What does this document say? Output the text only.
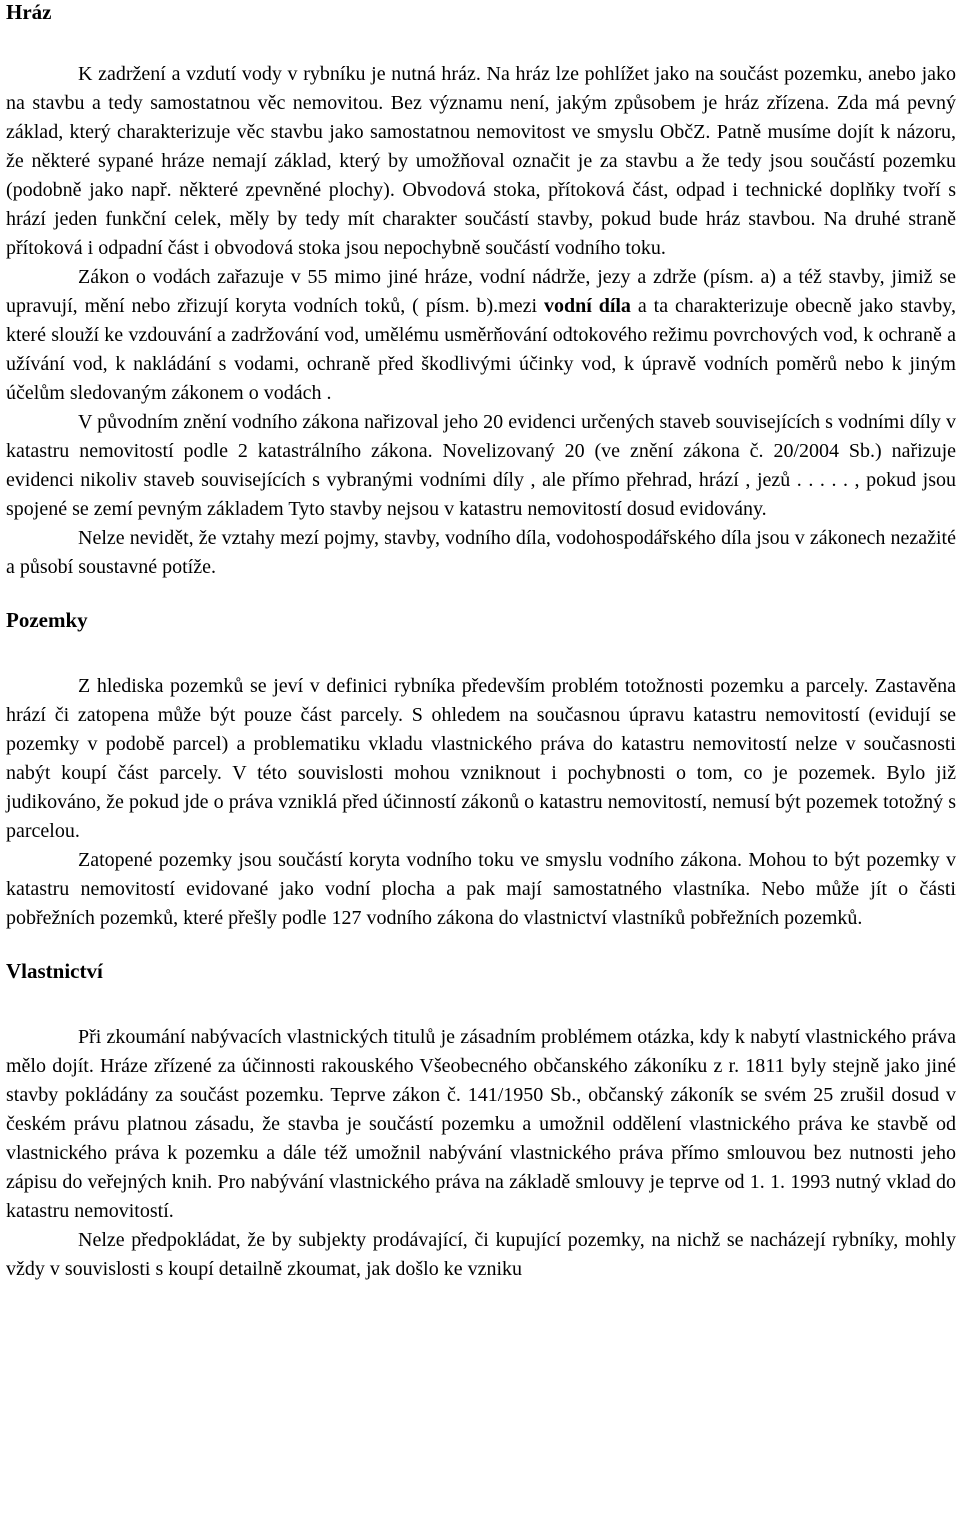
Hráz

K zadržení a vzdutí vody v rybníku je nutná hráz. Na hráz lze pohlížet jako na součást pozemku, anebo jako na stavbu a tedy samostatnou věc nemovitou. Bez významu není, jakým způsobem je hráz zřízena. Zda má pevný základ, který charakterizuje věc stavbu jako samostatnou nemovitost ve smyslu ObčZ. Patně musíme dojít k názoru, že některé sypané hráze nemají základ, který by umožňoval označit je za stavbu a že tedy jsou součástí pozemku (podobně jako např. některé zpevněné plochy). Obvodová stoka, přítoková část, odpad i technické doplňky tvoří s hrází jeden funkční celek, měly by tedy mít charakter součástí stavby, pokud bude hráz stavbou. Na druhé straně přítoková i odpadní část i obvodová stoka jsou nepochybně součástí vodního toku.

Zákon o vodách zařazuje v 55 mimo jiné hráze, vodní nádrže, jezy a zdrže (písm. a) a též stavby, jimiž se upravují, mění nebo zřizují koryta vodních toků, ( písm. b).mezi vodní díla a ta charakterizuje obecně jako stavby, které slouží ke vzdouvání a zadržování vod, umělému usměrňování odtokového režimu povrchových vod, k ochraně a užívání vod, k nakládání s vodami, ochraně před škodlivými účinky vod, k úpravě vodních poměrů nebo k jiným účelům sledovaným zákonem o vodách .

V původním znění vodního zákona nařizoval jeho 20 evidenci určených staveb souvisejících s vodními díly v katastru nemovitostí podle 2 katastrálního zákona. Novelizovaný 20 (ve znění zákona č. 20/2004 Sb.) nařizuje evidenci nikoliv staveb souvisejících s vybranými vodními díly , ale přímo přehrad, hrází , jezů . . . . . , pokud jsou spojené se zemí pevným základem Tyto stavby nejsou v katastru nemovitostí dosud evidovány.

Nelze nevidět, že vztahy mezí pojmy, stavby, vodního díla, vodohospodářského díla jsou v zákonech nezažité a působí soustavné potíže.

Pozemky

Z hlediska pozemků se jeví v definici rybníka především problém totožnosti pozemku a parcely. Zastavěna hrází či zatopena může být pouze část parcely. S ohledem na současnou úpravu katastru nemovitostí (evidují se pozemky v podobě parcel) a problematiku vkladu vlastnického práva do katastru nemovitostí nelze v současnosti nabýt koupí část parcely. V této souvislosti mohou vzniknout i pochybnosti o tom, co je pozemek. Bylo již judikováno, že pokud jde o práva vzniklá před účinností zákonů o katastru nemovitostí, nemusí být pozemek totožný s parcelou.

Zatopené pozemky jsou součástí koryta vodního toku ve smyslu vodního zákona. Mohou to být pozemky v katastru nemovitostí evidované jako vodní plocha a pak mají samostatného vlastníka. Nebo může jít o části pobřežních pozemků, které přešly podle 127 vodního zákona do vlastnictví vlastníků pobřežních pozemků.

Vlastnictví

Při zkoumání nabývacích vlastnických titulů je zásadním problémem otázka, kdy k nabytí vlastnického práva mělo dojít. Hráze zřízené za účinnosti rakouského Všeobecného občanského zákoníku z r. 1811 byly stejně jako jiné stavby pokládány za součást pozemku. Teprve zákon č. 141/1950 Sb., občanský zákoník se svém 25 zrušil dosud v českém právu platnou zásadu, že stavba je součástí pozemku a umožnil oddělení vlastnického práva ke stavbě od vlastnického práva k pozemku a dále též umožnil nabývání vlastnického práva přímo smlouvou bez nutnosti jeho zápisu do veřejných knih. Pro nabývání vlastnického práva na základě smlouvy je teprve od 1. 1. 1993 nutný vklad do katastru nemovitostí.

Nelze předpokládat, že by subjekty prodávající, či kupující pozemky, na nichž se nacházejí rybníky, mohly vždy v souvislosti s koupí detailně zkoumat, jak došlo ke vzniku
